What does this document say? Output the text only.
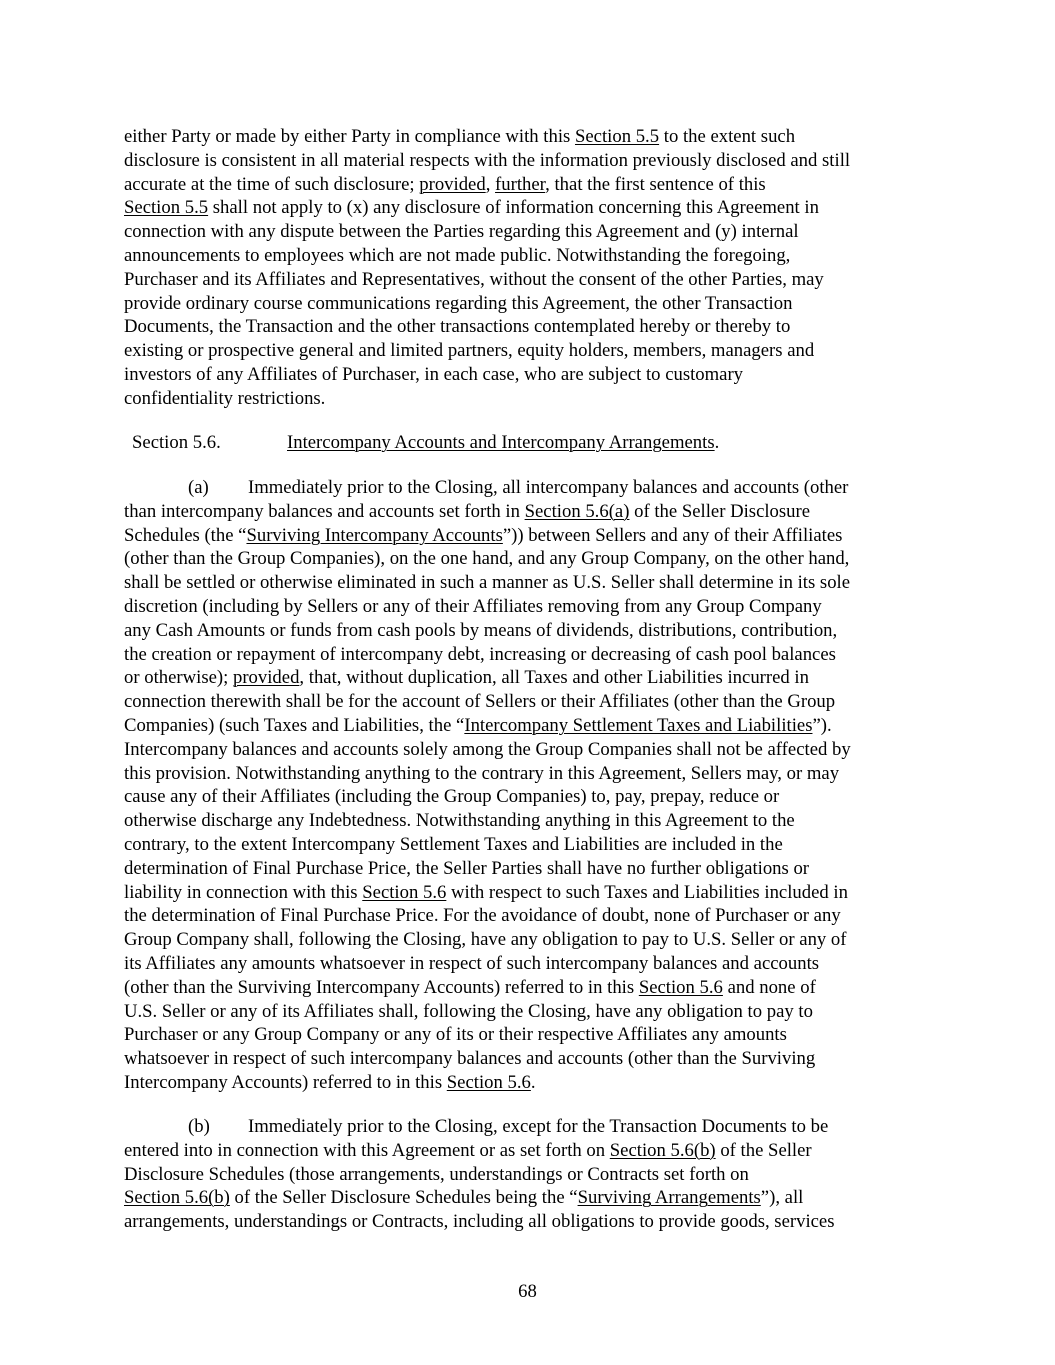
either Party or made by either Party in compliance with this Section 5.5 to the extent such
disclosure is consistent in all material respects with the information previously disclosed and still
accurate at the time of such disclosure; provided, further, that the first sentence of this
Section 5.5 shall not apply to (x) any disclosure of information concerning this Agreement in
connection with any dispute between the Parties regarding this Agreement and (y) internal
announcements to employees which are not made public. Notwithstanding the foregoing,
Purchaser and its Affiliates and Representatives, without the consent of the other Parties, may
provide ordinary course communications regarding this Agreement, the other Transaction
Documents, the Transaction and the other transactions contemplated hereby or thereby to
existing or prospective general and limited partners, equity holders, members, managers and
investors of any Affiliates of Purchaser, in each case, who are subject to customary
confidentiality restrictions.

Section 5.6.	Intercompany Accounts and Intercompany Arrangements.

(a) Immediately prior to the Closing, all intercompany balances and accounts (other
than intercompany balances and accounts set forth in Section 5.6(a) of the Seller Disclosure
Schedules (the “Surviving Intercompany Accounts”)) between Sellers and any of their Affiliates
(other than the Group Companies), on the one hand, and any Group Company, on the other hand,
shall be settled or otherwise eliminated in such a manner as U.S. Seller shall determine in its sole
discretion (including by Sellers or any of their Affiliates removing from any Group Company
any Cash Amounts or funds from cash pools by means of dividends, distributions, contribution,
the creation or repayment of intercompany debt, increasing or decreasing of cash pool balances
or otherwise); provided, that, without duplication, all Taxes and other Liabilities incurred in
connection therewith shall be for the account of Sellers or their Affiliates (other than the Group
Companies) (such Taxes and Liabilities, the “Intercompany Settlement Taxes and Liabilities”).
Intercompany balances and accounts solely among the Group Companies shall not be affected by
this provision. Notwithstanding anything to the contrary in this Agreement, Sellers may, or may
cause any of their Affiliates (including the Group Companies) to, pay, prepay, reduce or
otherwise discharge any Indebtedness. Notwithstanding anything in this Agreement to the
contrary, to the extent Intercompany Settlement Taxes and Liabilities are included in the
determination of Final Purchase Price, the Seller Parties shall have no further obligations or
liability in connection with this Section 5.6 with respect to such Taxes and Liabilities included in
the determination of Final Purchase Price. For the avoidance of doubt, none of Purchaser or any
Group Company shall, following the Closing, have any obligation to pay to U.S. Seller or any of
its Affiliates any amounts whatsoever in respect of such intercompany balances and accounts
(other than the Surviving Intercompany Accounts) referred to in this Section 5.6 and none of
U.S. Seller or any of its Affiliates shall, following the Closing, have any obligation to pay to
Purchaser or any Group Company or any of its or their respective Affiliates any amounts
whatsoever in respect of such intercompany balances and accounts (other than the Surviving
Intercompany Accounts) referred to in this Section 5.6.

(b) Immediately prior to the Closing, except for the Transaction Documents to be
entered into in connection with this Agreement or as set forth on Section 5.6(b) of the Seller
Disclosure Schedules (those arrangements, understandings or Contracts set forth on
Section 5.6(b) of the Seller Disclosure Schedules being the “Surviving Arrangements”), all
arrangements, understandings or Contracts, including all obligations to provide goods, services

68
